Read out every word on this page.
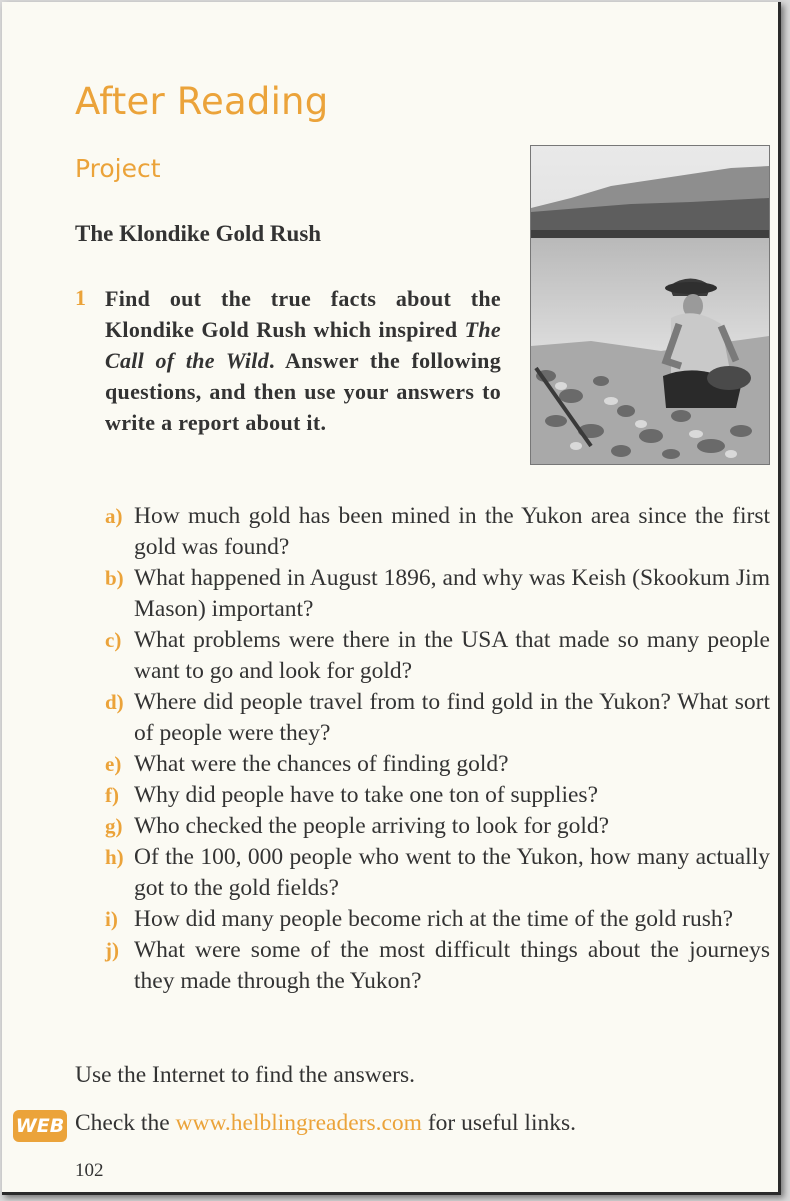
After Reading
Project
The Klondike Gold Rush
1 Find out the true facts about the Klondike Gold Rush which inspired The Call of the Wild. Answer the following questions, and then use your answers to write a report about it.
a) How much gold has been mined in the Yukon area since the first gold was found?
b) What happened in August 1896, and why was Keish (Skookum Jim Mason) important?
c) What problems were there in the USA that made so many people want to go and look for gold?
d) Where did people travel from to find gold in the Yukon? What sort of people were they?
e) What were the chances of finding gold?
f) Why did people have to take one ton of supplies?
g) Who checked the people arriving to look for gold?
h) Of the 100, 000 people who went to the Yukon, how many actually got to the gold fields?
i) How did many people become rich at the time of the gold rush?
j) What were some of the most difficult things about the journeys they made through the Yukon?
Use the Internet to find the answers.
WEB Check the www.helblingreaders.com for useful links.
102
